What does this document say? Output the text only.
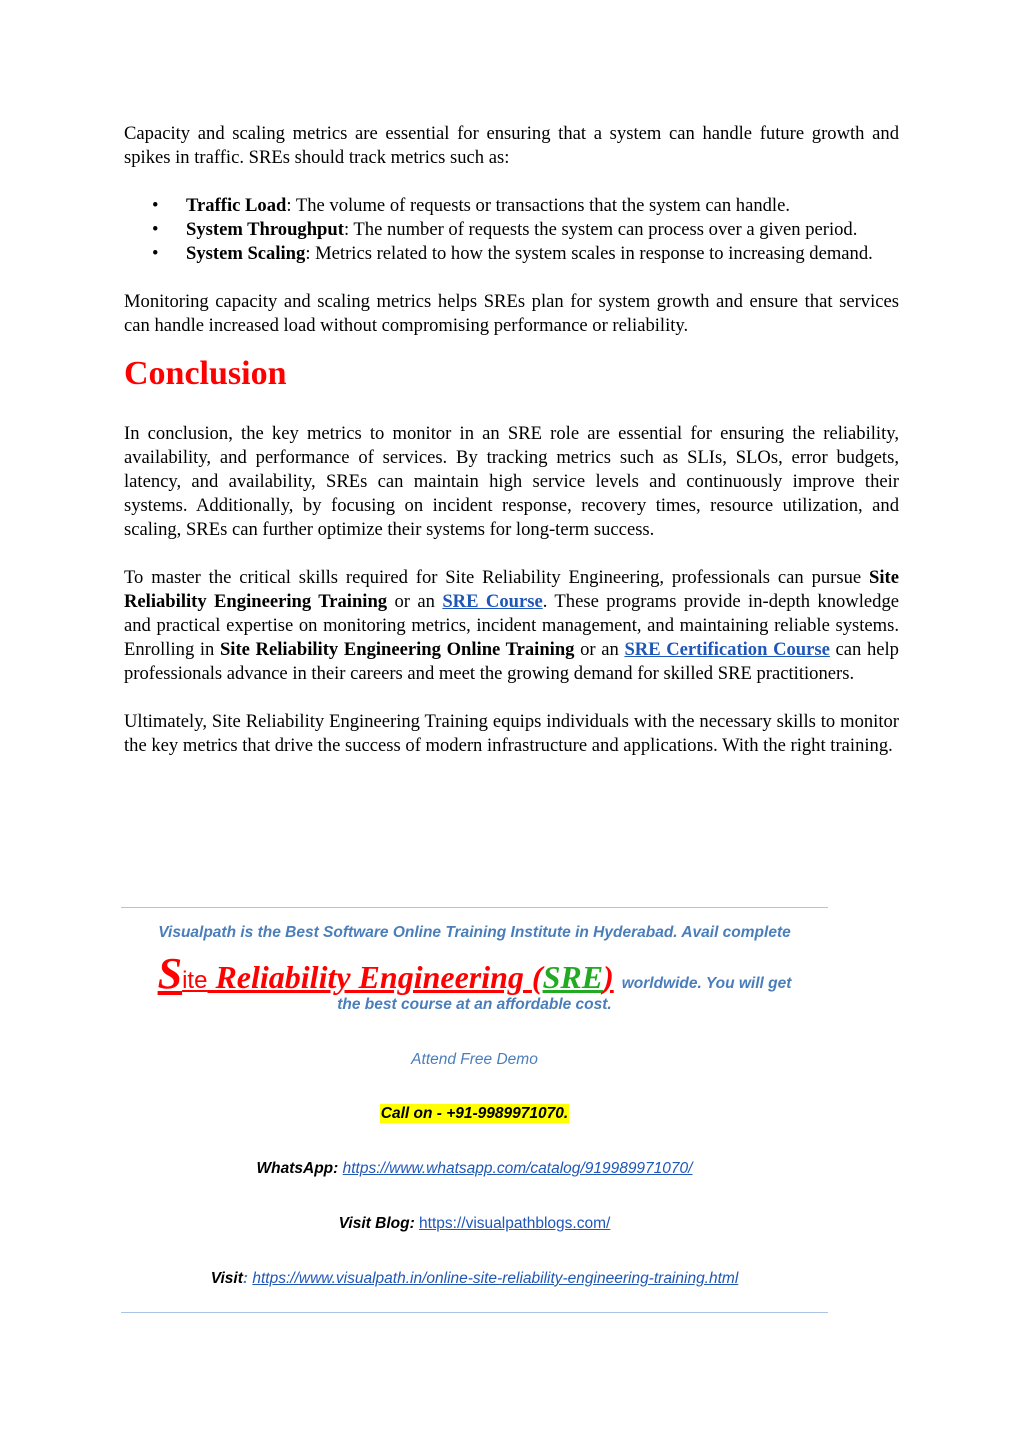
Capacity and scaling metrics are essential for ensuring that a system can handle future growth and spikes in traffic. SREs should track metrics such as:

• Traffic Load: The volume of requests or transactions that the system can handle.
• System Throughput: The number of requests the system can process over a given period.
• System Scaling: Metrics related to how the system scales in response to increasing demand.

Monitoring capacity and scaling metrics helps SREs plan for system growth and ensure that services can handle increased load without compromising performance or reliability.

Conclusion

In conclusion, the key metrics to monitor in an SRE role are essential for ensuring the reliability, availability, and performance of services. By tracking metrics such as SLIs, SLOs, error budgets, latency, and availability, SREs can maintain high service levels and continuously improve their systems. Additionally, by focusing on incident response, recovery times, resource utilization, and scaling, SREs can further optimize their systems for long-term success.

To master the critical skills required for Site Reliability Engineering, professionals can pursue Site Reliability Engineering Training or an SRE Course. These programs provide in-depth knowledge and practical expertise on monitoring metrics, incident management, and maintaining reliable systems. Enrolling in Site Reliability Engineering Online Training or an SRE Certification Course can help professionals advance in their careers and meet the growing demand for skilled SRE practitioners.

Ultimately, Site Reliability Engineering Training equips individuals with the necessary skills to monitor the key metrics that drive the success of modern infrastructure and applications. With the right training.

Visualpath is the Best Software Online Training Institute in Hyderabad. Avail complete
Site Reliability Engineering (SRE) worldwide. You will get
the best course at an affordable cost.
Attend Free Demo
Call on - +91-9989971070.
WhatsApp: https://www.whatsapp.com/catalog/919989971070/
Visit Blog: https://visualpathblogs.com/
Visit: https://www.visualpath.in/online-site-reliability-engineering-training.html
